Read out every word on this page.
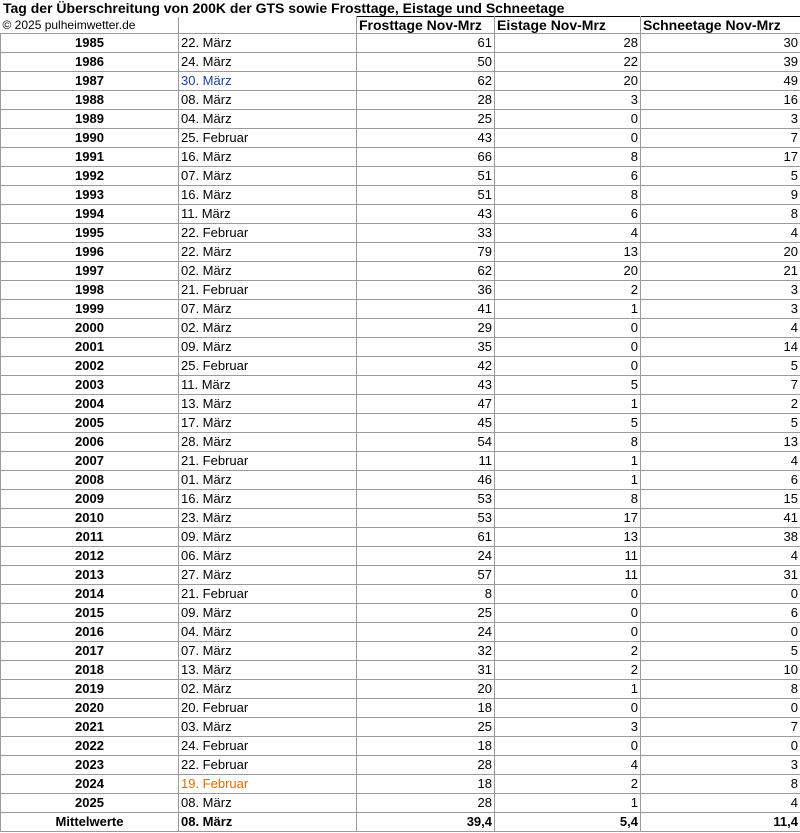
Tag der Überschreitung von 200K der GTS sowie Frosttage, Eistage und Schneetage
© 2025 pulheimwetter.de		Frosttage Nov-Mrz	Eistage Nov-Mrz	Schneetage Nov-Mrz
1985	22. März	61	28	30
1986	24. März	50	22	39
1987	30. März	62	20	49
1988	08. März	28	3	16
1989	04. März	25	0	3
1990	25. Februar	43	0	7
1991	16. März	66	8	17
1992	07. März	51	6	5
1993	16. März	51	8	9
1994	11. März	43	6	8
1995	22. Februar	33	4	4
1996	22. März	79	13	20
1997	02. März	62	20	21
1998	21. Februar	36	2	3
1999	07. März	41	1	3
2000	02. März	29	0	4
2001	09. März	35	0	14
2002	25. Februar	42	0	5
2003	11. März	43	5	7
2004	13. März	47	1	2
2005	17. März	45	5	5
2006	28. März	54	8	13
2007	21. Februar	11	1	4
2008	01. März	46	1	6
2009	16. März	53	8	15
2010	23. März	53	17	41
2011	09. März	61	13	38
2012	06. März	24	11	4
2013	27. März	57	11	31
2014	21. Februar	8	0	0
2015	09. März	25	0	6
2016	04. März	24	0	0
2017	07. März	32	2	5
2018	13. März	31	2	10
2019	02. März	20	1	8
2020	20. Februar	18	0	0
2021	03. März	25	3	7
2022	24. Februar	18	0	0
2023	22. Februar	28	4	3
2024	19. Februar	18	2	8
2025	08. März	28	1	4
Mittelwerte	08. März	39,4	5,4	11,4
